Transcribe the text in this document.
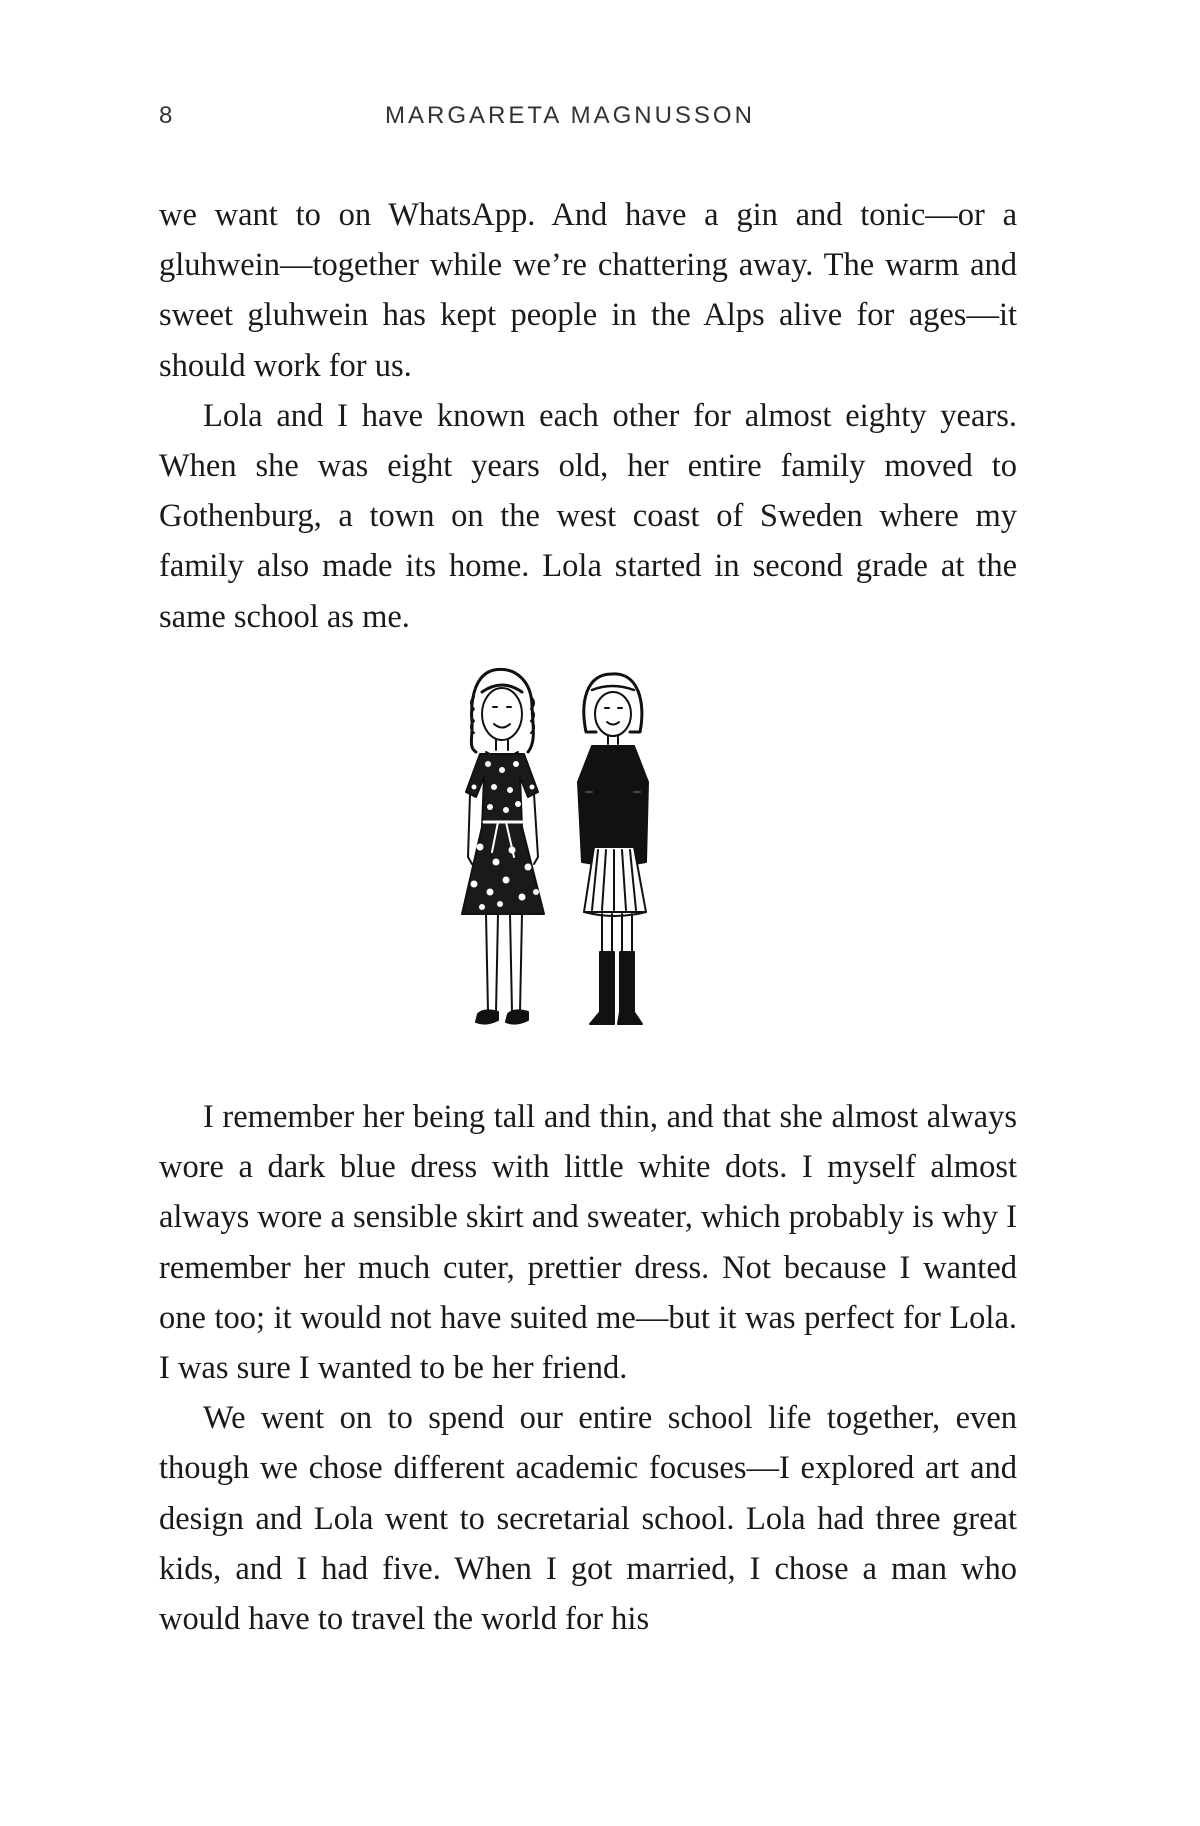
8	MARGARETA MAGNUSSON

we want to on WhatsApp. And have a gin and tonic—or a gluhwein—together while we’re chattering away. The warm and sweet gluhwein has kept people in the Alps alive for ages—it should work for us.

Lola and I have known each other for almost eighty years. When she was eight years old, her entire family moved to Gothenburg, a town on the west coast of Sweden where my family also made its home. Lola started in second grade at the same school as me.

I remember her being tall and thin, and that she almost always wore a dark blue dress with little white dots. I myself almost always wore a sensible skirt and sweater, which probably is why I remember her much cuter, prettier dress. Not because I wanted one too; it would not have suited me—but it was perfect for Lola. I was sure I wanted to be her friend.

We went on to spend our entire school life together, even though we chose different academic focuses—I explored art and design and Lola went to secretarial school. Lola had three great kids, and I had five. When I got married, I chose a man who would have to travel the world for his
